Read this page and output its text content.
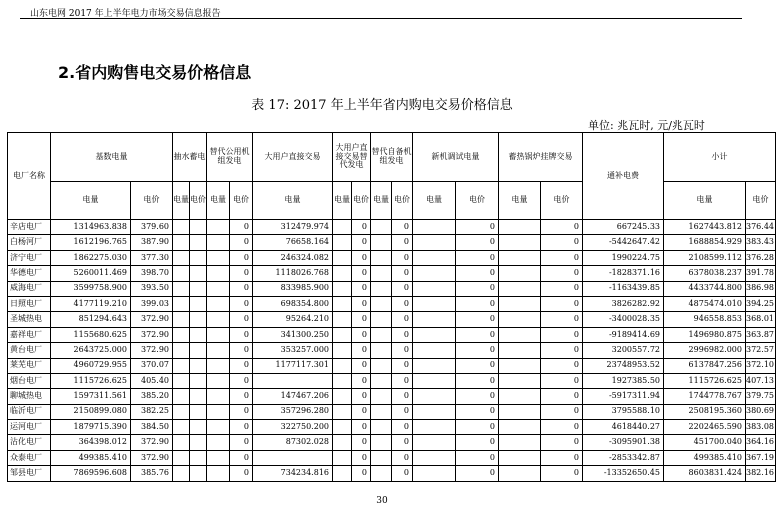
山东电网 2017 年上半年电力市场交易信息报告
2.省内购售电交易价格信息
表 17: 2017 年上半年省内购电交易价格信息
单位: 兆瓦时, 元/兆瓦时
电厂名称	基数电量		抽水蓄电		替代公用机组发电		大用户直接交易	大用户直接交易替代发电		替代自备机组发电		新机调试电量		蓄热锅炉挂牌交易		通补电费	小计	
	电量	电价	电量	电价	电量	电价	电量	电量	电价	电量	电价	电量	电价	电量	电价		电量	电价
辛店电厂	1314963.838	379.60				0	312479.974		0		0		0		0	667245.33	1627443.812	376.44
白杨河厂	1612196.765	387.90				0	76658.164		0		0		0		0	-5442647.42	1688854.929	383.43
济宁电厂	1862275.030	377.30				0	246324.082		0		0		0		0	1990224.75	2108599.112	376.28
华德电厂	5260011.469	398.70				0	1118026.768		0		0		0		0	-1828371.16	6378038.237	391.78
威海电厂	3599758.900	393.50				0	833985.900		0		0		0		0	-1163439.85	4433744.800	386.98
日照电厂	4177119.210	399.03				0	698354.800		0		0		0		0	3826282.92	4875474.010	394.25
圣城热电	851294.643	372.90				0	95264.210		0		0		0		0	-3400028.35	946558.853	368.01
嘉祥电厂	1155680.625	372.90				0	341300.250		0		0		0		0	-9189414.69	1496980.875	363.87
黄台电厂	2643725.000	372.90				0	353257.000		0		0		0		0	3200557.72	2996982.000	372.57
莱芜电厂	4960729.955	370.07				0	1177117.301		0		0		0		0	23748953.52	6137847.256	372.10
烟台电厂	1115726.625	405.40				0			0		0		0		0	1927385.50	1115726.625	407.13
聊城热电	1597311.561	385.20				0	147467.206		0		0		0		0	-5917311.94	1744778.767	379.75
临沂电厂	2150899.080	382.25				0	357296.280		0		0		0		0	3795588.10	2508195.360	380.69
运河电厂	1879715.390	384.50				0	322750.200		0		0		0		0	4618440.27	2202465.590	383.08
沾化电厂	364398.012	372.90				0	87302.028		0		0		0		0	-3095901.38	451700.040	364.16
众泰电厂	499385.410	372.90				0			0		0		0		0	-2853342.87	499385.410	367.19
邹县电厂	7869596.608	385.76				0	734234.816		0		0		0		0	-13352650.45	8603831.424	382.16
30
